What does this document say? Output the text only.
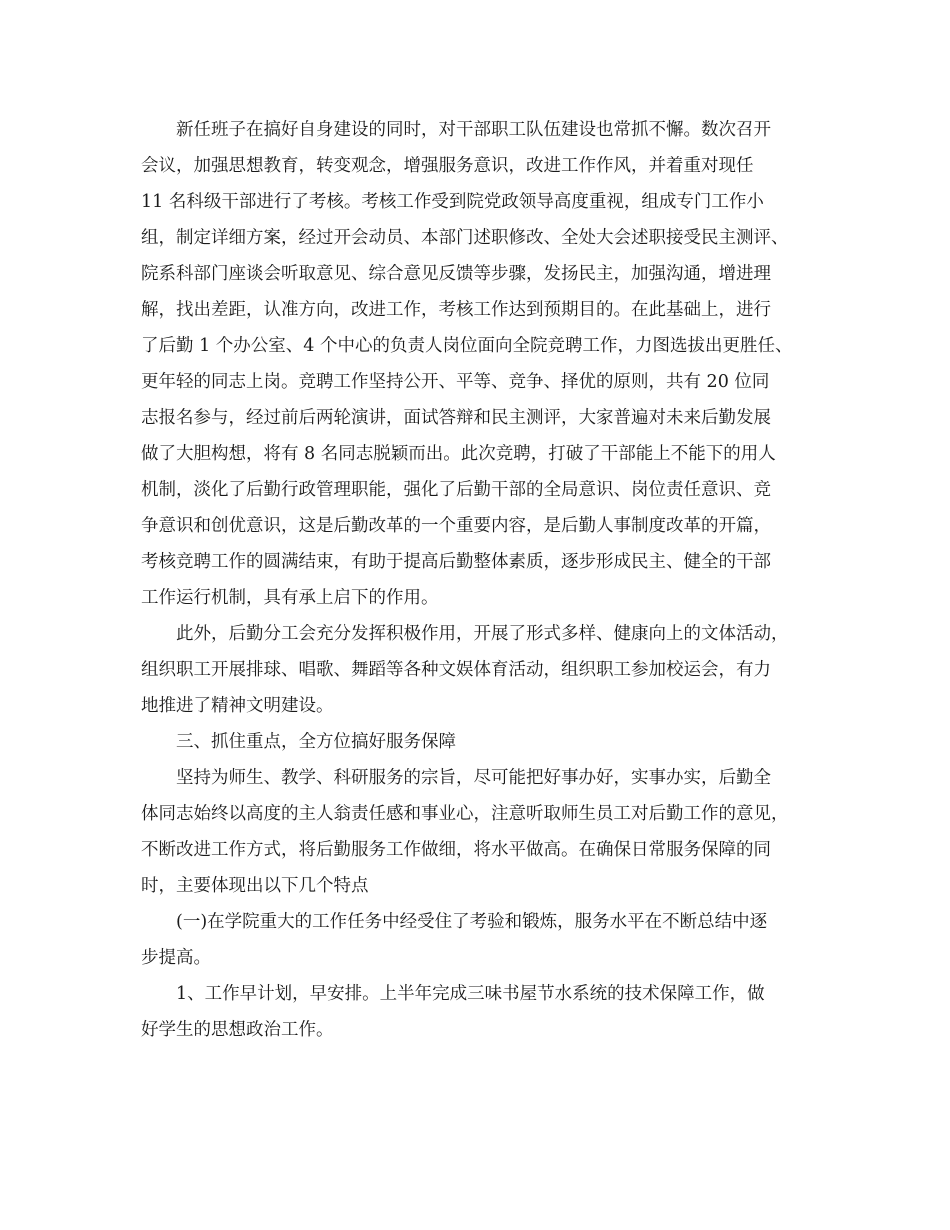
新任班子在搞好自身建设的同时，对干部职工队伍建设也常抓不懈。数次召开

会议，加强思想教育，转变观念，增强服务意识，改进工作作风，并着重对现任

11 名科级干部进行了考核。考核工作受到院党政领导高度重视，组成专门工作小

组，制定详细方案，经过开会动员、本部门述职修改、全处大会述职接受民主测评、

院系科部门座谈会听取意见、综合意见反馈等步骤，发扬民主，加强沟通，增进理

解，找出差距，认准方向，改进工作，考核工作达到预期目的。在此基础上，进行

了后勤 1 个办公室、4 个中心的负责人岗位面向全院竞聘工作，力图选拔出更胜任、

更年轻的同志上岗。竞聘工作坚持公开、平等、竞争、择优的原则，共有 20 位同

志报名参与，经过前后两轮演讲，面试答辩和民主测评，大家普遍对未来后勤发展

做了大胆构想，将有 8 名同志脱颖而出。此次竞聘，打破了干部能上不能下的用人

机制，淡化了后勤行政管理职能，强化了后勤干部的全局意识、岗位责任意识、竞

争意识和创优意识，这是后勤改革的一个重要内容，是后勤人事制度改革的开篇，

考核竞聘工作的圆满结束，有助于提高后勤整体素质，逐步形成民主、健全的干部

工作运行机制，具有承上启下的作用。

此外，后勤分工会充分发挥积极作用，开展了形式多样、健康向上的文体活动，

组织职工开展排球、唱歌、舞蹈等各种文娱体育活动，组织职工参加校运会，有力

地推进了精神文明建设。

三、抓住重点，全方位搞好服务保障

坚持为师生、教学、科研服务的宗旨，尽可能把好事办好，实事办实，后勤全

体同志始终以高度的主人翁责任感和事业心，注意听取师生员工对后勤工作的意见，

不断改进工作方式，将后勤服务工作做细，将水平做高。在确保日常服务保障的同

时，主要体现出以下几个特点

(一)在学院重大的工作任务中经受住了考验和锻炼，服务水平在不断总结中逐

步提高。

1、工作早计划，早安排。上半年完成三味书屋节水系统的技术保障工作，做

好学生的思想政治工作。
